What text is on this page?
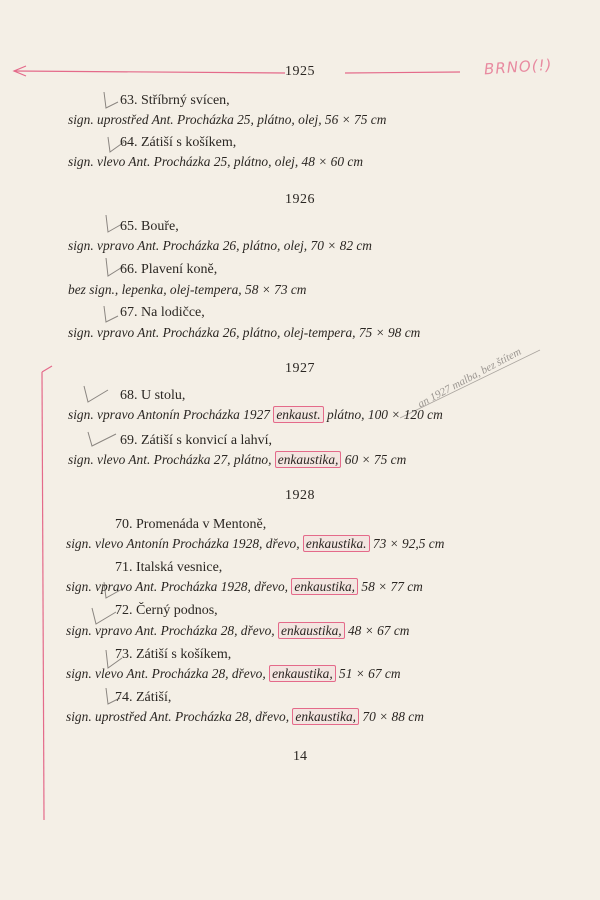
BRNO(!)
1925
63. Stříbrný svícen,
sign. uprostřed Ant. Procházka 25, plátno, olej, 56 × 75 cm
64. Zátiší s košíkem,
sign. vlevo Ant. Procházka 25, plátno, olej, 48 × 60 cm
1926
65. Bouře,
sign. vpravo Ant. Procházka 26, plátno, olej, 70 × 82 cm
66. Plavení koně,
bez sign., lepenka, olej-tempera, 58 × 73 cm
67. Na lodičce,
sign. vpravo Ant. Procházka 26, plátno, olej-tempera, 75 × 98 cm
1927	an 1927 malba, bez štítem
68. U stolu,
sign. vpravo Antonín Procházka 1927 enkaust. plátno, 100 × 120 cm
69. Zátiší s konvicí a lahví,
sign. vlevo Ant. Procházka 27, plátno, enkaustika, 60 × 75 cm
1928
70. Promenáda v Mentoně,
sign. vlevo Antonín Procházka 1928, dřevo, enkaustika. 73 × 92,5 cm
71. Italská vesnice,
sign. vpravo Ant. Procházka 1928, dřevo, enkaustika, 58 × 77 cm
72. Černý podnos,
sign. vpravo Ant. Procházka 28, dřevo, enkaustika, 48 × 67 cm
73. Zátiší s košíkem,
sign. vlevo Ant. Procházka 28, dřevo, enkaustika, 51 × 67 cm
74. Zátiší,
sign. uprostřed Ant. Procházka 28, dřevo, enkaustika, 70 × 88 cm
14
